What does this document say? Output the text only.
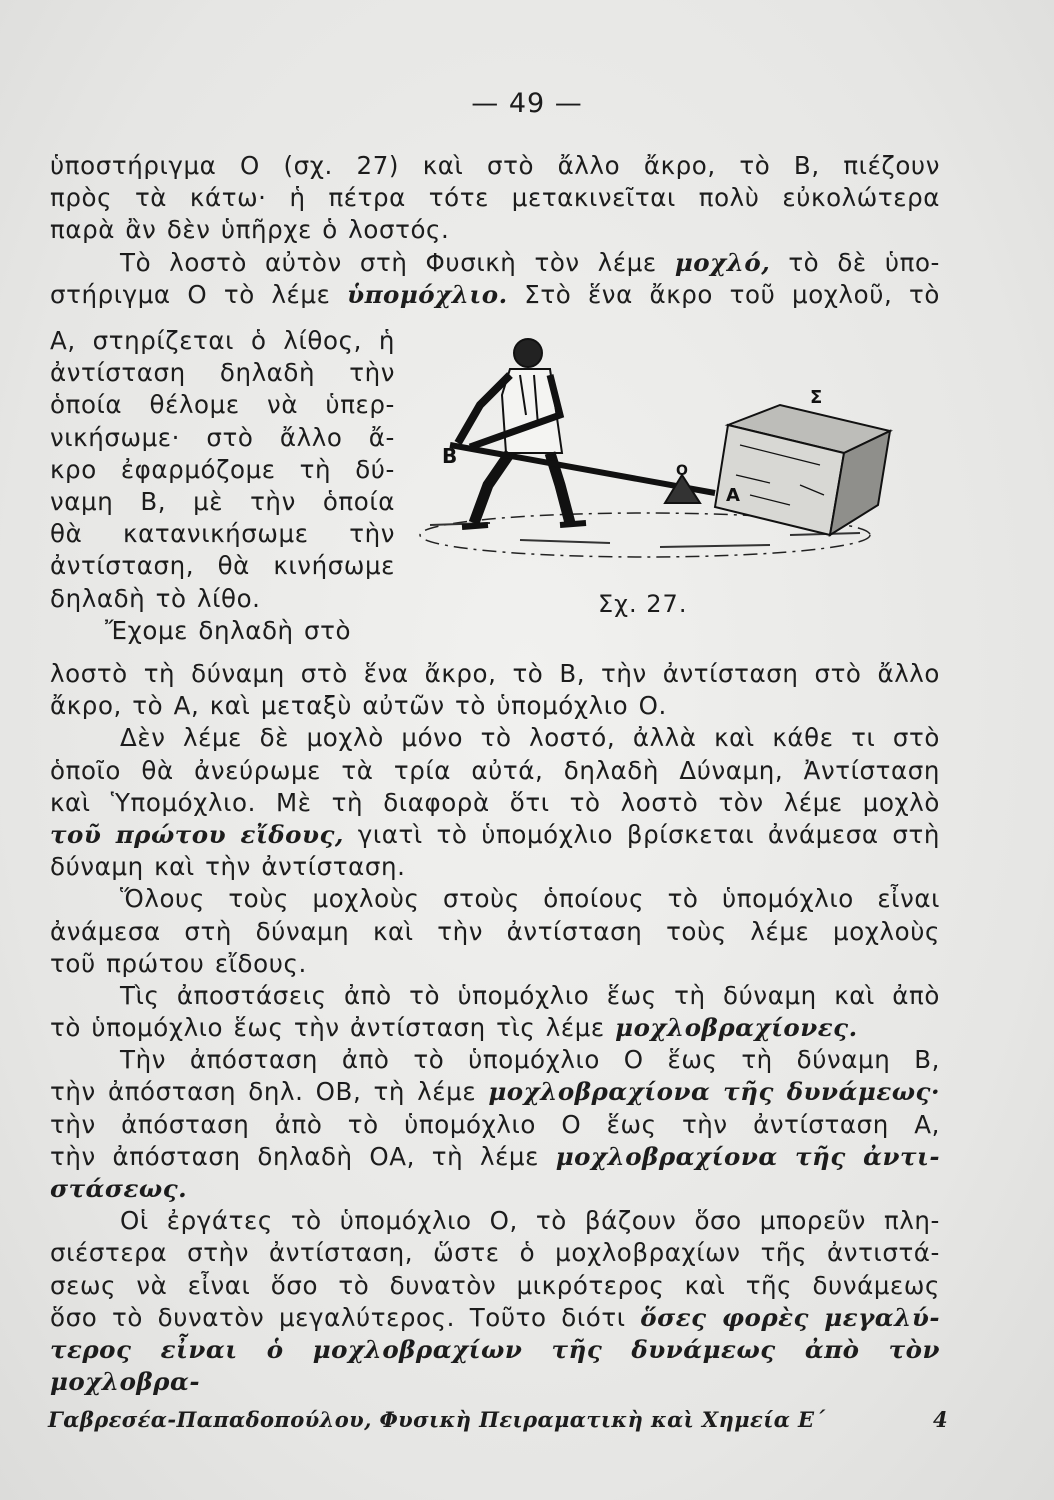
— 49 —
ὑποστήριγμα Ο (σχ. 27) καὶ στὸ ἄλλο ἄκρο, τὸ Β, πιέζουν
πρὸς τὰ κάτω· ἡ πέτρα τότε μετακινεῖται πολὺ εὐκολώτερα
παρὰ ἂν δὲν ὑπῆρχε ὁ λοστός.
Τὸ λοστὸ αὐτὸν στὴ Φυσικὴ τὸν λέμε μοχλό, τὸ δὲ ὑπο-
στήριγμα Ο τὸ λέμε ὑπομόχλιο. Στὸ ἕνα ἄκρο τοῦ μοχλοῦ, τὸ
Α, στηρίζεται ὁ λίθος, ἡ
ἀντίσταση δηλαδὴ τὴν
ὁποία θέλομε νὰ ὑπερ-
νικήσωμε· στὸ ἄλλο ἄ-
κρο ἐφαρμόζομε τὴ δύ-
ναμη Β, μὲ τὴν ὁποία
θὰ κατανικήσωμε τὴν
ἀντίσταση, θὰ κινήσωμε
δηλαδὴ τὸ λίθο.
Ἔχομε δηλαδὴ στὸ
Β
Ο
Α
Σ
Σχ. 27.
λοστὸ τὴ δύναμη στὸ ἕνα ἄκρο, τὸ Β, τὴν ἀντίσταση στὸ ἄλλο
ἄκρο, τὸ Α, καὶ μεταξὺ αὐτῶν τὸ ὑπομόχλιο Ο.
Δὲν λέμε δὲ μοχλὸ μόνο τὸ λοστό, ἀλλὰ καὶ κάθε τι στὸ
ὁποῖο θὰ ἀνεύρωμε τὰ τρία αὐτά, δηλαδὴ Δύναμη, Ἀντίσταση
καὶ Ὑπομόχλιο. Μὲ τὴ διαφορὰ ὅτι τὸ λοστὸ τὸν λέμε μοχλὸ
τοῦ πρώτου εἴδους, γιατὶ τὸ ὑπομόχλιο βρίσκεται ἀνάμεσα στὴ
δύναμη καὶ τὴν ἀντίσταση.
Ὅλους τοὺς μοχλοὺς στοὺς ὁποίους τὸ ὑπομόχλιο εἶναι
ἀνάμεσα στὴ δύναμη καὶ τὴν ἀντίσταση τοὺς λέμε μοχλοὺς
τοῦ πρώτου εἴδους.
Τὶς ἀποστάσεις ἀπὸ τὸ ὑπομόχλιο ἕως τὴ δύναμη καὶ ἀπὸ
τὸ ὑπομόχλιο ἕως τὴν ἀντίσταση τὶς λέμε μοχλοβραχίονες.
Τὴν ἀπόσταση ἀπὸ τὸ ὑπομόχλιο Ο ἕως τὴ δύναμη Β,
τὴν ἀπόσταση δηλ. ΟΒ, τὴ λέμε μοχλοβραχίονα τῆς δυνάμεως·
τὴν ἀπόσταση ἀπὸ τὸ ὑπομόχλιο Ο ἕως τὴν ἀντίσταση Α,
τὴν ἀπόσταση δηλαδὴ ΟΑ, τὴ λέμε μοχλοβραχίονα τῆς ἀντι-
στάσεως.
Οἱ ἐργάτες τὸ ὑπομόχλιο Ο, τὸ βάζουν ὅσο μπορεῦν πλη-
σιέστερα στὴν ἀντίσταση, ὥστε ὁ μοχλοβραχίων τῆς ἀντιστά-
σεως νὰ εἶναι ὅσο τὸ δυνατὸν μικρότερος καὶ τῆς δυνάμεως
ὅσο τὸ δυνατὸν μεγαλύτερος. Τοῦτο διότι ὅσες φορὲς μεγαλύ-
τερος εἶναι ὁ μοχλοβραχίων τῆς δυνάμεως ἀπὸ τὸν μοχλοβρα-
Γαβρεσέα-Παπαδοπούλου, Φυσικὴ Πειραματικὴ καὶ Χημεία Ε΄	4
